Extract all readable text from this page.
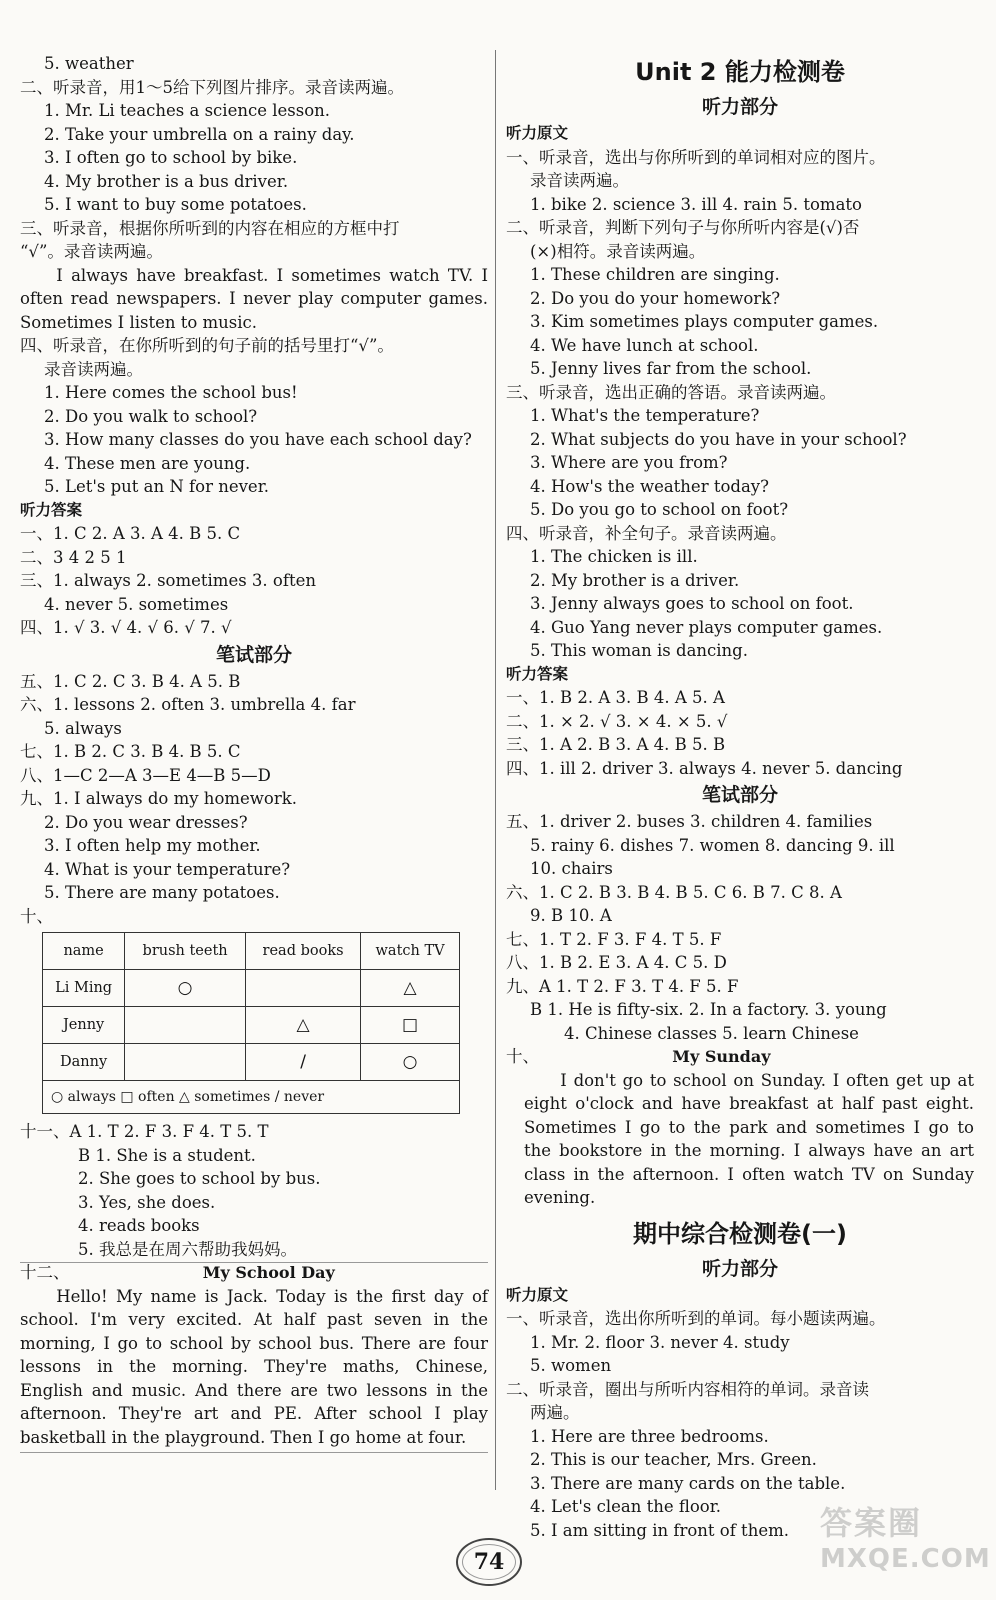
5. weather
二、听录音，用1～5给下列图片排序。录音读两遍。
1. Mr. Li teaches a science lesson.
2. Take your umbrella on a rainy day.
3. I often go to school by bike.
4. My brother is a bus driver.
5. I want to buy some potatoes.
三、听录音，根据你所听到的内容在相应的方框中打
“√”。录音读两遍。
I always have breakfast. I sometimes watch TV. I often read newspapers. I never play computer games. Sometimes I listen to music.
四、听录音，在你所听到的句子前的括号里打“√”。
录音读两遍。
1. Here comes the school bus!
2. Do you walk to school?
3. How many classes do you have each school day?
4. These men are young.
5. Let's put an N for never.
听力答案
一、1. C 2. A 3. A 4. B 5. C
二、3 4 2 5 1
三、1. always 2. sometimes 3. often
4. never 5. sometimes
四、1. √ 3. √ 4. √ 6. √ 7. √
笔试部分
五、1. C 2. C 3. B 4. A 5. B
六、1. lessons 2. often 3. umbrella 4. far
5. always
七、1. B 2. C 3. B 4. B 5. C
八、1—C 2—A 3—E 4—B 5—D
九、1. I always do my homework.
2. Do you wear dresses?
3. I often help my mother.
4. What is your temperature?
5. There are many potatoes.
十、
name	brush teeth	read books	watch TV
Li Ming	○		△
Jenny		△	□
Danny		/	○
○ always □ often △ sometimes / never			
十一、A 1. T 2. F 3. F 4. T 5. T
B 1. She is a student.
2. She goes to school by bus.
3. Yes, she does.
4. reads books
5. 我总是在周六帮助我妈妈。
十二、	My School Day
Hello! My name is Jack. Today is the first day of school. I'm very excited. At half past seven in the morning, I go to school by school bus. There are four lessons in the morning. They're maths, Chinese, English and music. And there are two lessons in the afternoon. They're art and PE. After school I play basketball in the playground. Then I go home at four.
Unit 2 能力检测卷
听力部分
听力原文
一、听录音，选出与你所听到的单词相对应的图片。
录音读两遍。
1. bike 2. science 3. ill 4. rain 5. tomato
二、听录音，判断下列句子与你所听内容是(√)否
(×)相符。录音读两遍。
1. These children are singing.
2. Do you do your homework?
3. Kim sometimes plays computer games.
4. We have lunch at school.
5. Jenny lives far from the school.
三、听录音，选出正确的答语。录音读两遍。
1. What's the temperature?
2. What subjects do you have in your school?
3. Where are you from?
4. How's the weather today?
5. Do you go to school on foot?
四、听录音，补全句子。录音读两遍。
1. The chicken is ill.
2. My brother is a driver.
3. Jenny always goes to school on foot.
4. Guo Yang never plays computer games.
5. This woman is dancing.
听力答案
一、1. B 2. A 3. B 4. A 5. A
二、1. × 2. √ 3. × 4. × 5. √
三、1. A 2. B 3. A 4. B 5. B
四、1. ill 2. driver 3. always 4. never 5. dancing
笔试部分
五、1. driver 2. buses 3. children 4. families
5. rainy 6. dishes 7. women 8. dancing 9. ill
10. chairs
六、1. C 2. B 3. B 4. B 5. C 6. B 7. C 8. A
9. B 10. A
七、1. T 2. F 3. F 4. T 5. F
八、1. B 2. E 3. A 4. C 5. D
九、A 1. T 2. F 3. T 4. F 5. F
B 1. He is fifty-six. 2. In a factory. 3. young
4. Chinese classes 5. learn Chinese
十、	My Sunday
I don't go to school on Sunday. I often get up at eight o'clock and have breakfast at half past eight. Sometimes I go to the park and sometimes I go to the bookstore in the morning. I always have an art class in the afternoon. I often watch TV on Sunday evening.
期中综合检测卷(一)
听力部分
听力原文
一、听录音，选出你所听到的单词。每小题读两遍。
1. Mr. 2. floor 3. never 4. study
5. women
二、听录音，圈出与所听内容相符的单词。录音读
两遍。
1. Here are three bedrooms.
2. This is our teacher, Mrs. Green.
3. There are many cards on the table.
4. Let's clean the floor.
5. I am sitting in front of them.
74
答案圈
MXQE.COM
